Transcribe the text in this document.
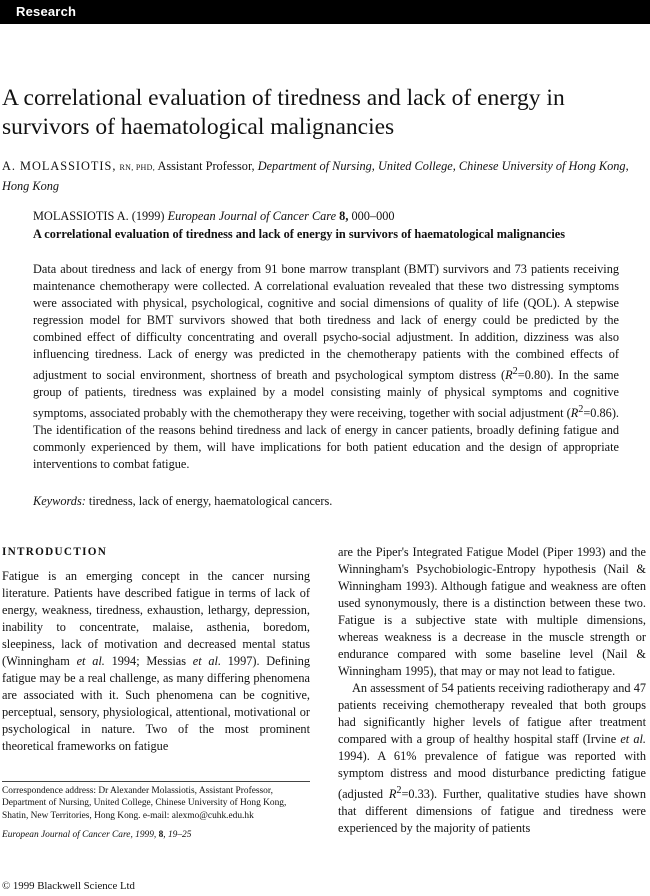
Research
A correlational evaluation of tiredness and lack of energy in survivors of haematological malignancies
A. MOLASSIOTIS, RN, PHD, Assistant Professor, Department of Nursing, United College, Chinese University of Hong Kong, Hong Kong
MOLASSIOTIS A. (1999) European Journal of Cancer Care 8, 000–000
A correlational evaluation of tiredness and lack of energy in survivors of haematological malignancies
Data about tiredness and lack of energy from 91 bone marrow transplant (BMT) survivors and 73 patients receiving maintenance chemotherapy were collected. A correlational evaluation revealed that these two distressing symptoms were associated with physical, psychological, cognitive and social dimensions of quality of life (QOL). A stepwise regression model for BMT survivors showed that both tiredness and lack of energy could be predicted by the combined effect of difficulty concentrating and overall psycho-social adjustment. In addition, dizziness was also influencing tiredness. Lack of energy was predicted in the chemotherapy patients with the combined effects of adjustment to social environment, shortness of breath and psychological symptom distress $(R^2=0.80)$. In the same group of patients, tiredness was explained by a model consisting mainly of physical symptoms and cognitive symptoms, associated probably with the chemotherapy they were receiving, together with social adjustment $(R^2=0.86)$. The identification of the reasons behind tiredness and lack of energy in cancer patients, broadly defining fatigue and commonly experienced by them, will have implications for both patient education and the design of appropriate interventions to combat fatigue.
Keywords: tiredness, lack of energy, haematological cancers.
INTRODUCTION

Fatigue is an emerging concept in the cancer nursing literature. Patients have described fatigue in terms of lack of energy, weakness, tiredness, exhaustion, lethargy, depression, inability to concentrate, malaise, asthenia, boredom, sleepiness, lack of motivation and decreased mental status (Winningham et al. 1994; Messias et al. 1997). Defining fatigue may be a real challenge, as many differing phenomena are associated with it. Such phenomena can be cognitive, perceptual, sensory, physiological, attentional, motivational or psychological in nature. Two of the most prominent theoretical frameworks on fatigue

are the Piper's Integrated Fatigue Model (Piper 1993) and the Winningham's Psychobiologic-Entropy hypothesis (Nail & Winningham 1993). Although fatigue and weakness are often used synonymously, there is a distinction between these two. Fatigue is a subjective state with multiple dimensions, whereas weakness is a decrease in the muscle strength or endurance compared with some baseline level (Nail & Winningham 1995), that may or may not lead to fatigue.

An assessment of 54 patients receiving radiotherapy and 47 patients receiving chemotherapy revealed that both groups had significantly higher levels of fatigue after treatment compared with a group of healthy hospital staff (Irvine et al. 1994). A 61% prevalence of fatigue was reported with symptom distress and mood disturbance predicting fatigue (adjusted $R^2=0.33$). Further, qualitative studies have shown that different dimensions of fatigue and tiredness were experienced by the majority of patients

Correspondence address: Dr Alexander Molassiotis, Assistant Professor, Department of Nursing, United College, Chinese University of Hong Kong, Shatin, New Territories, Hong Kong. e-mail: alexmo@cuhk.edu.hk
European Journal of Cancer Care, 1999, 8, 19–25
© 1999 Blackwell Science Ltd
